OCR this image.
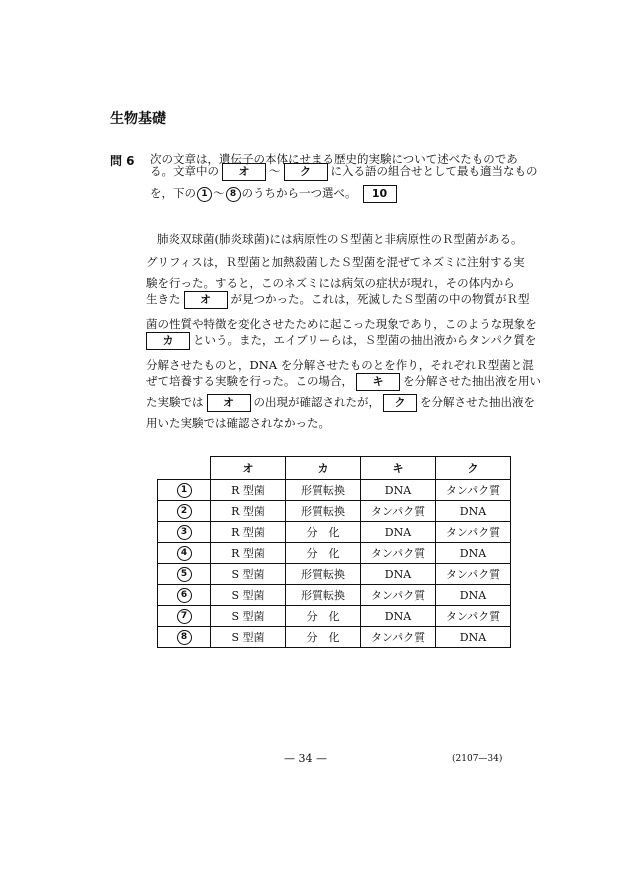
生物基礎
問 6 次の文章は，遺伝子の本体にせまる歴史的実験について述べたものであ
る。文章中の オ ～ ク に入る語の組合せとして最も適当なもの
を，下の 1 ～ 8 のうちから一つ選べ。 10
肺炎双球菌(肺炎球菌)には病原性のＳ型菌と非病原性のＲ型菌がある。
グリフィスは，Ｒ型菌と加熱殺菌したＳ型菌を混ぜてネズミに注射する実
験を行った。すると，このネズミには病気の症状が現れ，その体内から
生きた オ が見つかった。これは，死滅したＳ型菌の中の物質がＲ型
菌の性質や特徴を変化させたために起こった現象であり，このような現象を
カ という。また，エイブリーらは，Ｓ型菌の抽出液からタンパク質を
分解させたものと，DNA を分解させたものとを作り，それぞれＲ型菌と混
ぜて培養する実験を行った。この場合， キ を分解させた抽出液を用い
た実験では オ の出現が確認されたが， ク を分解させた抽出液を
用いた実験では確認されなかった。
	オ	カ	キ	ク
1	R 型菌	形質転換	DNA	タンパク質
2	R 型菌	形質転換	タンパク質	DNA
3	R 型菌	分　化	DNA	タンパク質
4	R 型菌	分　化	タンパク質	DNA
5	S 型菌	形質転換	DNA	タンパク質
6	S 型菌	形質転換	タンパク質	DNA
7	S 型菌	分　化	DNA	タンパク質
8	S 型菌	分　化	タンパク質	DNA
— 34 —	(2107—34)
